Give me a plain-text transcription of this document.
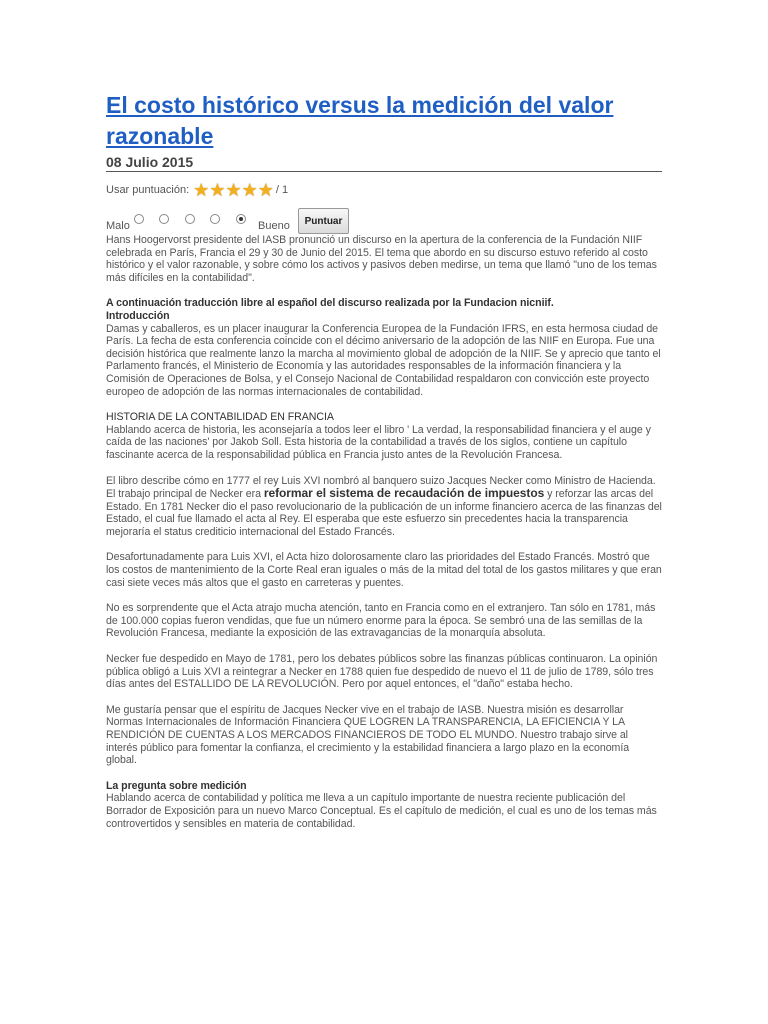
El costo histórico versus la medición del valor razonable
08 Julio 2015
Usar puntuación: ★ ★ ★ ★ ★ / 1
Malo	Bueno	Puntuar

Hans Hoogervorst presidente del IASB pronunció un discurso en la apertura de la conferencia de la Fundación NIIF celebrada en París, Francia el 29 y 30 de Junio del 2015. El tema que abordo en su discurso estuvo referido al costo histórico y el valor razonable, y sobre cómo los activos y pasivos deben medirse, un tema que llamó "uno de los temas más difíciles en la contabilidad".

A continuación traducción libre al español del discurso realizada por la Fundacion nicniif.
Introducción
Damas y caballeros, es un placer inaugurar la Conferencia Europea de la Fundación IFRS, en esta hermosa ciudad de París. La fecha de esta conferencia coincide con el décimo aniversario de la adopción de las NIIF en Europa. Fue una decisión histórica que realmente lanzo la marcha al movimiento global de adopción de la NIIF. Se y aprecio que tanto el Parlamento francés, el Ministerio de Economía y las autoridades responsables de la información financiera y la Comisión de Operaciones de Bolsa, y el Consejo Nacional de Contabilidad respaldaron con convicción este proyecto europeo de adopción de las normas internacionales de contabilidad.

HISTORIA DE LA CONTABILIDAD EN FRANCIA
Hablando acerca de historia, les aconsejaría a todos leer el libro ' La verdad, la responsabilidad financiera y el auge y caída de las naciones' por Jakob Soll. Esta historia de la contabilidad a través de los siglos, contiene un capítulo fascinante acerca de la responsabilidad pública en Francia justo antes de la Revolución Francesa.

El libro describe cómo en 1777 el rey Luis XVI nombró al banquero suizo Jacques Necker como Ministro de Hacienda. El trabajo principal de Necker era reformar el sistema de recaudación de impuestos y reforzar las arcas del Estado. En 1781 Necker dio el paso revolucionario de la publicación de un informe financiero acerca de las finanzas del Estado, el cual fue llamado el acta al Rey. El esperaba que este esfuerzo sin precedentes hacia la transparencia mejoraría el status crediticio internacional del Estado Francés.

Desafortunadamente para Luis XVI, el Acta hizo dolorosamente claro las prioridades del Estado Francés. Mostró que los costos de mantenimiento de la Corte Real eran iguales o más de la mitad del total de los gastos militares y que eran casi siete veces más altos que el gasto en carreteras y puentes.

No es sorprendente que el Acta atrajo mucha atención, tanto en Francia como en el extranjero. Tan sólo en 1781, más de 100.000 copias fueron vendidas, que fue un número enorme para la época. Se sembró una de las semillas de la Revolución Francesa, mediante la exposición de las extravagancias de la monarquía absoluta.

Necker fue despedido en Mayo de 1781, pero los debates públicos sobre las finanzas públicas continuaron. La opinión pública obligó a Luis XVI a reintegrar a Necker en 1788 quien fue despedido de nuevo el 11 de julio de 1789, sólo tres días antes del ESTALLIDO DE LA REVOLUCIÓN. Pero por aquel entonces, el "daño" estaba hecho.

Me gustaría pensar que el espíritu de Jacques Necker vive en el trabajo de IASB. Nuestra misión es desarrollar Normas Internacionales de Información Financiera QUE LOGREN LA TRANSPARENCIA, LA EFICIENCIA Y LA RENDICIÓN DE CUENTAS A LOS MERCADOS FINANCIEROS DE TODO EL MUNDO. Nuestro trabajo sirve al interés público para fomentar la confianza, el crecimiento y la estabilidad financiera a largo plazo en la economía global.

La pregunta sobre medición
Hablando acerca de contabilidad y política me lleva a un capítulo importante de nuestra reciente publicación del Borrador de Exposición para un nuevo Marco Conceptual. Es el capítulo de medición, el cual es uno de los temas más controvertidos y sensibles en materia de contabilidad.
